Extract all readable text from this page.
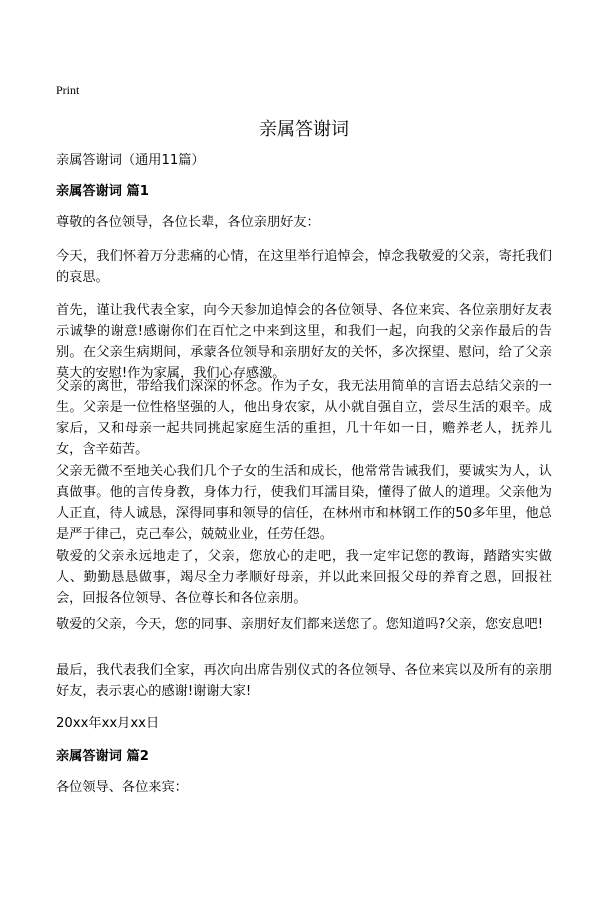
Print
亲属答谢词

亲属答谢词（通用11篇）

亲属答谢词 篇1

尊敬的各位领导，各位长辈，各位亲朋好友：

今天，我们怀着万分悲痛的心情，在这里举行追悼会，悼念我敬爱的父亲，寄托我们的哀思。

首先，谨让我代表全家，向今天参加追悼会的各位领导、各位来宾、各位亲朋好友表示诚挚的谢意!感谢你们在百忙之中来到这里，和我们一起，向我的父亲作最后的告别。在父亲生病期间，承蒙各位领导和亲朋好友的关怀，多次探望、慰问，给了父亲莫大的安慰!作为家属，我们心存感激。

父亲的离世，带给我们深深的怀念。作为子女，我无法用简单的言语去总结父亲的一生。父亲是一位性格坚强的人，他出身农家，从小就自强自立，尝尽生活的艰辛。成家后，又和母亲一起共同挑起家庭生活的重担，几十年如一日，赡养老人，抚养儿女，含辛茹苦。

父亲无微不至地关心我们几个子女的生活和成长，他常常告诫我们，要诚实为人，认真做事。他的言传身教，身体力行，使我们耳濡目染，懂得了做人的道理。父亲他为人正直，待人诚恳，深得同事和领导的信任，在林州市和林钢工作的50多年里，他总是严于律己，克己奉公，兢兢业业，任劳任怨。

敬爱的父亲永远地走了，父亲，您放心的走吧，我一定牢记您的教诲，踏踏实实做人、勤勤恳恳做事，竭尽全力孝顺好母亲，并以此来回报父母的养育之恩，回报社会，回报各位领导、各位尊长和各位亲朋。

敬爱的父亲，今天，您的同事、亲朋好友们都来送您了。您知道吗?父亲，您安息吧!

最后，我代表我们全家，再次向出席告别仪式的各位领导、各位来宾以及所有的亲朋好友，表示衷心的感谢!谢谢大家!

20xx年xx月xx日

亲属答谢词 篇2

各位领导、各位来宾：
